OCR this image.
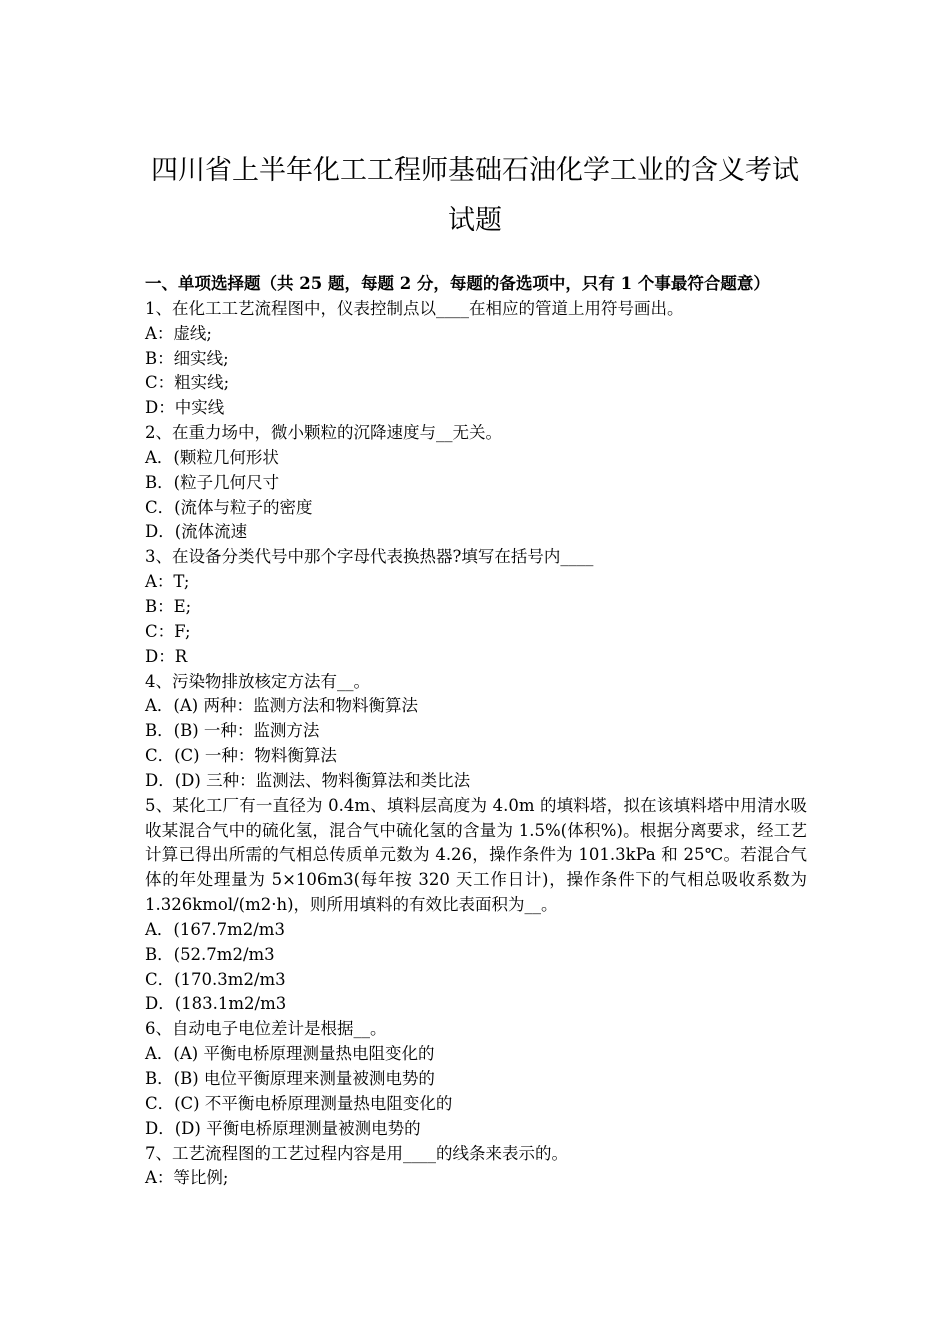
四川省上半年化工工程师基础石油化学工业的含义考试试题
一、单项选择题（共 25 题，每题 2 分，每题的备选项中，只有 1 个事最符合题意）
1、在化工工艺流程图中，仪表控制点以____在相应的管道上用符号画出。
A：虚线;
B：细实线;
C：粗实线;
D：中实线
2、在重力场中，微小颗粒的沉降速度与__无关。
A．(颗粒几何形状
B．(粒子几何尺寸
C．(流体与粒子的密度
D．(流体流速
3、在设备分类代号中那个字母代表换热器?填写在括号内____
A：T;
B：E;
C：F;
D：R
4、污染物排放核定方法有__。
A．(A) 两种：监测方法和物料衡算法
B．(B) 一种：监测方法
C．(C) 一种：物料衡算法
D．(D) 三种：监测法、物料衡算法和类比法
5、某化工厂有一直径为 0.4m、填料层高度为 4.0m 的填料塔，拟在该填料塔中用清水吸收某混合气中的硫化氢，混合气中硫化氢的含量为 1.5%(体积%)。根据分离要求，经工艺计算已得出所需的气相总传质单元数为 4.26，操作条件为 101.3kPa 和 25℃。若混合气体的年处理量为 5×106m3(每年按 320 天工作日计)，操作条件下的气相总吸收系数为 1.326kmol/(m2·h)，则所用填料的有效比表面积为__。
A．(167.7m2/m3
B．(52.7m2/m3
C．(170.3m2/m3
D．(183.1m2/m3
6、自动电子电位差计是根据__。
A．(A) 平衡电桥原理测量热电阻变化的
B．(B) 电位平衡原理来测量被测电势的
C．(C) 不平衡电桥原理测量热电阻变化的
D．(D) 平衡电桥原理测量被测电势的
7、工艺流程图的工艺过程内容是用____的线条来表示的。
A：等比例;
